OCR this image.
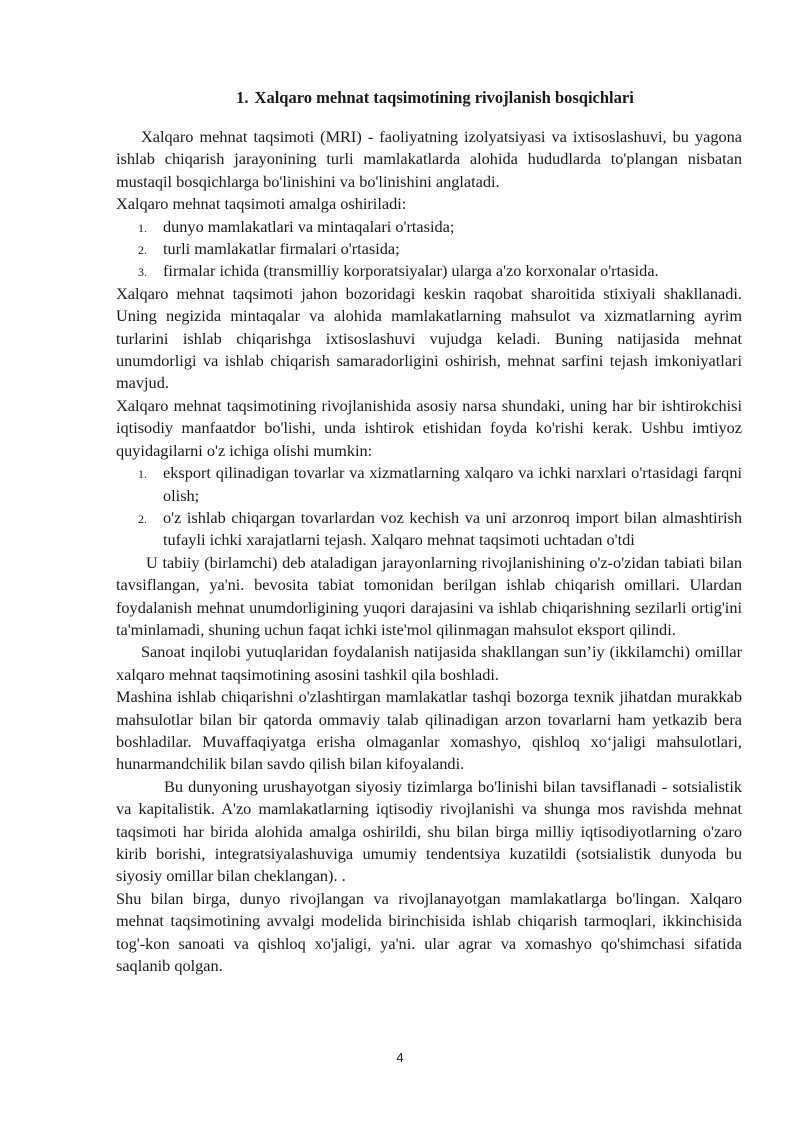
1. Xalqaro mehnat taqsimotining rivojlanish bosqichlari

Xalqaro mehnat taqsimoti (MRI) - faoliyatning izolyatsiyasi va ixtisoslashuvi, bu yagona ishlab chiqarish jarayonining turli mamlakatlarda alohida hududlarda to'plangan nisbatan mustaqil bosqichlarga bo'linishini va bo'linishini anglatadi.

Xalqaro mehnat taqsimoti amalga oshiriladi:

1. dunyo mamlakatlari va mintaqalari o'rtasida;
2. turli mamlakatlar firmalari o'rtasida;
3. firmalar ichida (transmilliy korporatsiyalar) ularga a'zo korxonalar o'rtasida.

Xalqaro mehnat taqsimoti jahon bozoridagi keskin raqobat sharoitida stixiyali shakllanadi. Uning negizida mintaqalar va alohida mamlakatlarning mahsulot va xizmatlarning ayrim turlarini ishlab chiqarishga ixtisoslashuvi vujudga keladi. Buning natijasida mehnat unumdorligi va ishlab chiqarish samaradorligini oshirish, mehnat sarfini tejash imkoniyatlari mavjud.

Xalqaro mehnat taqsimotining rivojlanishida asosiy narsa shundaki, uning har bir ishtirokchisi iqtisodiy manfaatdor bo'lishi, unda ishtirok etishidan foyda ko'rishi kerak. Ushbu imtiyoz quyidagilarni o'z ichiga olishi mumkin:

1. eksport qilinadigan tovarlar va xizmatlarning xalqaro va ichki narxlari o'rtasidagi farqni olish;
2. o'z ishlab chiqargan tovarlardan voz kechish va uni arzonroq import bilan almashtirish tufayli ichki xarajatlarni tejash. Xalqaro mehnat taqsimoti uchtadan o'tdi

U tabiiy (birlamchi) deb ataladigan jarayonlarning rivojlanishining o'z-o'zidan tabiati bilan tavsiflangan, ya'ni. bevosita tabiat tomonidan berilgan ishlab chiqarish omillari. Ulardan foydalanish mehnat unumdorligining yuqori darajasini va ishlab chiqarishning sezilarli ortig'ini ta'minlamadi, shuning uchun faqat ichki iste'mol qilinmagan mahsulot eksport qilindi.

Sanoat inqilobi yutuqlaridan foydalanish natijasida shakllangan sun’iy (ikkilamchi) omillar xalqaro mehnat taqsimotining asosini tashkil qila boshladi.

Mashina ishlab chiqarishni o'zlashtirgan mamlakatlar tashqi bozorga texnik jihatdan murakkab mahsulotlar bilan bir qatorda ommaviy talab qilinadigan arzon tovarlarni ham yetkazib bera boshladilar. Muvaffaqiyatga erisha olmaganlar xomashyo, qishloq xo‘jaligi mahsulotlari, hunarmandchilik bilan savdo qilish bilan kifoyalandi.

Bu dunyoning urushayotgan siyosiy tizimlarga bo'linishi bilan tavsiflanadi - sotsialistik va kapitalistik. A'zo mamlakatlarning iqtisodiy rivojlanishi va shunga mos ravishda mehnat taqsimoti har birida alohida amalga oshirildi, shu bilan birga milliy iqtisodiyotlarning o'zaro kirib borishi, integratsiyalashuviga umumiy tendentsiya kuzatildi (sotsialistik dunyoda bu siyosiy omillar bilan cheklangan). .

Shu bilan birga, dunyo rivojlangan va rivojlanayotgan mamlakatlarga bo'lingan. Xalqaro mehnat taqsimotining avvalgi modelida birinchisida ishlab chiqarish tarmoqlari, ikkinchisida tog'-kon sanoati va qishloq xo'jaligi, ya'ni. ular agrar va xomashyo qo'shimchasi sifatida saqlanib qolgan.

4
